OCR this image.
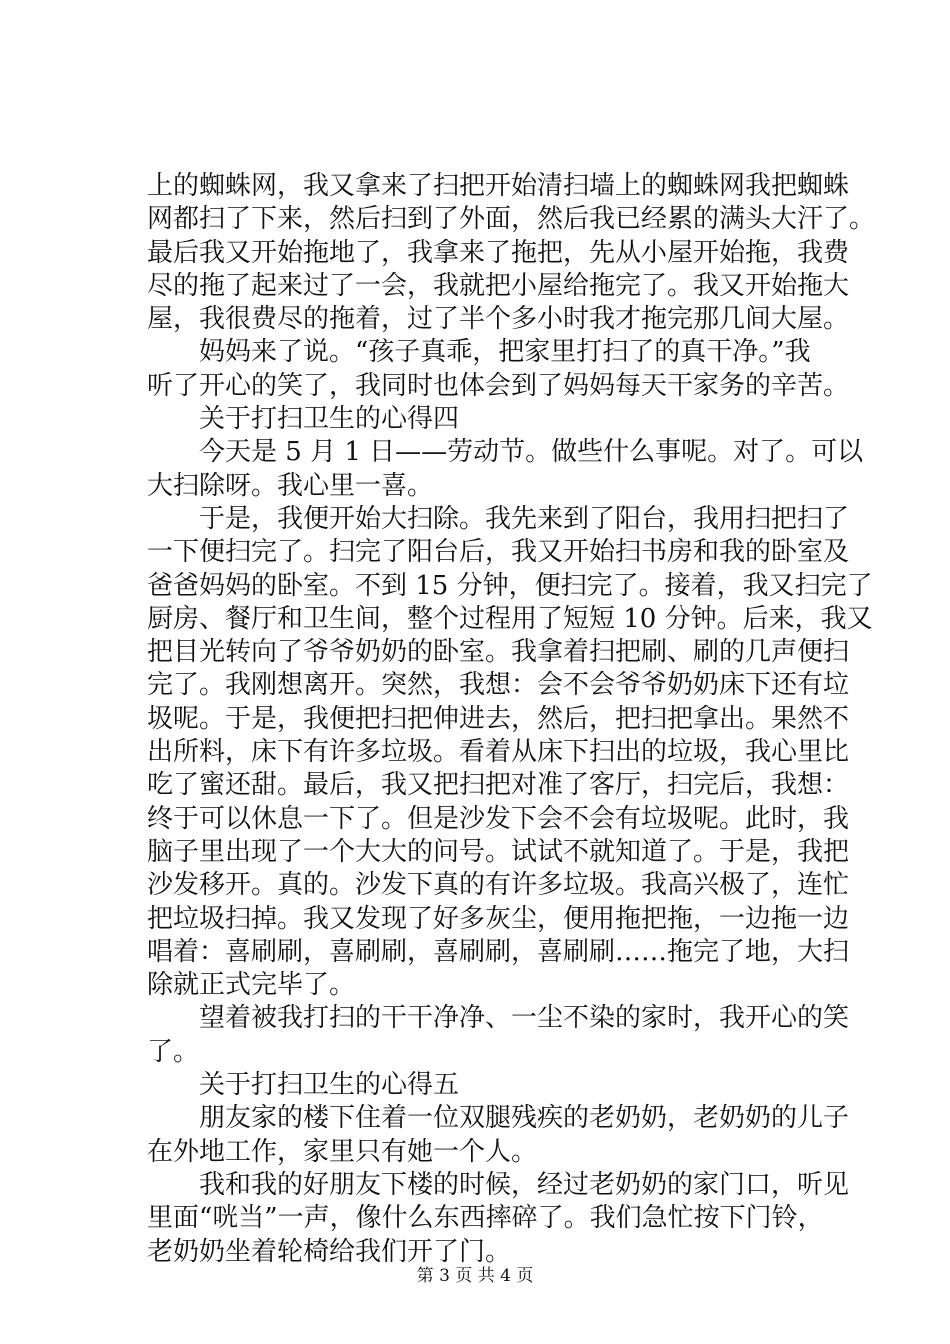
上的蜘蛛网，我又拿来了扫把开始清扫墙上的蜘蛛网我把蜘蛛
网都扫了下来，然后扫到了外面，然后我已经累的满头大汗了。
最后我又开始拖地了，我拿来了拖把，先从小屋开始拖，我费
尽的拖了起来过了一会，我就把小屋给拖完了。我又开始拖大
屋，我很费尽的拖着，过了半个多小时我才拖完那几间大屋。
　　妈妈来了说。“孩子真乖，把家里打扫了的真干净。”我
听了开心的笑了，我同时也体会到了妈妈每天干家务的辛苦。
　　关于打扫卫生的心得四
　　今天是 5 月 1 日——劳动节。做些什么事呢。对了。可以
大扫除呀。我心里一喜。
　　于是，我便开始大扫除。我先来到了阳台，我用扫把扫了
一下便扫完了。扫完了阳台后，我又开始扫书房和我的卧室及
爸爸妈妈的卧室。不到 15 分钟，便扫完了。接着，我又扫完了
厨房、餐厅和卫生间，整个过程用了短短 10 分钟。后来，我又
把目光转向了爷爷奶奶的卧室。我拿着扫把刷、刷的几声便扫
完了。我刚想离开。突然，我想：会不会爷爷奶奶床下还有垃
圾呢。于是，我便把扫把伸进去，然后，把扫把拿出。果然不
出所料，床下有许多垃圾。看着从床下扫出的垃圾，我心里比
吃了蜜还甜。最后，我又把扫把对准了客厅，扫完后，我想：
终于可以休息一下了。但是沙发下会不会有垃圾呢。此时，我
脑子里出现了一个大大的问号。试试不就知道了。于是，我把
沙发移开。真的。沙发下真的有许多垃圾。我高兴极了，连忙
把垃圾扫掉。我又发现了好多灰尘，便用拖把拖，一边拖一边
唱着：喜刷刷，喜刷刷，喜刷刷，喜刷刷……拖完了地，大扫
除就正式完毕了。
　　望着被我打扫的干干净净、一尘不染的家时，我开心的笑
了。
　　关于打扫卫生的心得五
　　朋友家的楼下住着一位双腿残疾的老奶奶，老奶奶的儿子
在外地工作，家里只有她一个人。
　　我和我的好朋友下楼的时候，经过老奶奶的家门口，听见
里面“咣当”一声，像什么东西摔碎了。我们急忙按下门铃，
老奶奶坐着轮椅给我们开了门。
第 3 页 共 4 页
